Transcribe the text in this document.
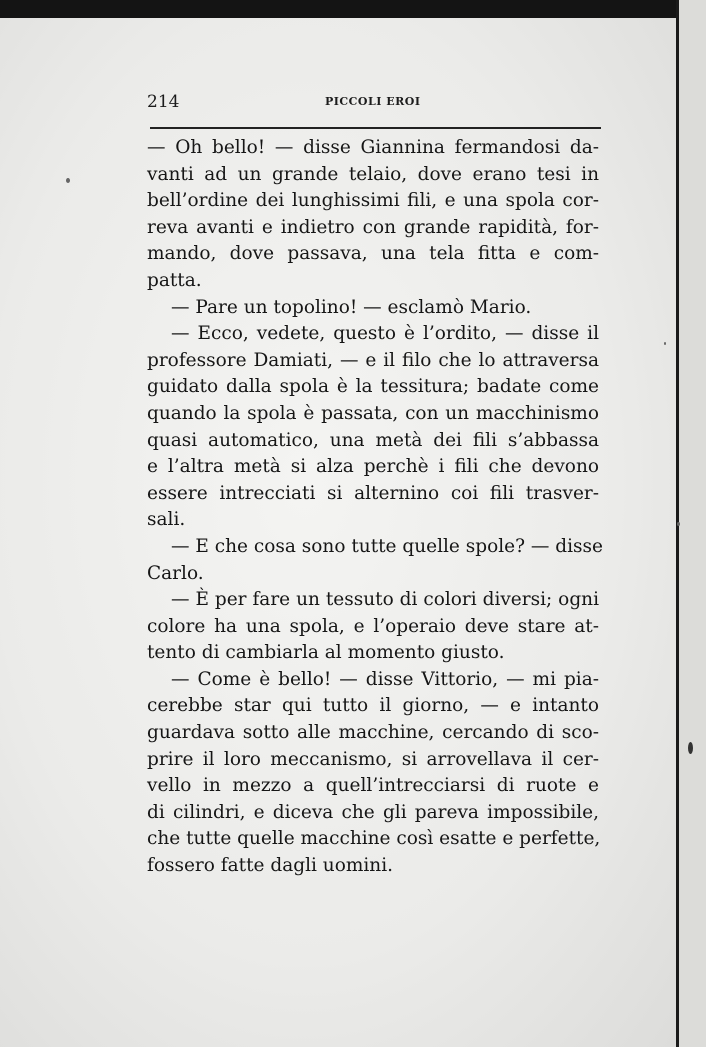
214	PICCOLI EROI
— Oh bello! — disse Giannina fermandosi da-
vanti ad un grande telaio, dove erano tesi in
bell’ordine dei lunghissimi fili, e una spola cor-
reva avanti e indietro con grande rapidità, for-
mando, dove passava, una tela fitta e com-
patta.
— Pare un topolino! — esclamò Mario.
— Ecco, vedete, questo è l’ordito, — disse il
professore Damiati, — e il filo che lo attraversa
guidato dalla spola è la tessitura; badate come
quando la spola è passata, con un macchinismo
quasi automatico, una metà dei fili s’abbassa
e l’altra metà si alza perchè i fili che devono
essere intrecciati si alternino coi fili trasver-
sali.
— E che cosa sono tutte quelle spole? — disse
Carlo.
— È per fare un tessuto di colori diversi; ogni
colore ha una spola, e l’operaio deve stare at-
tento di cambiarla al momento giusto.
— Come è bello! — disse Vittorio, — mi pia-
cerebbe star qui tutto il giorno, — e intanto
guardava sotto alle macchine, cercando di sco-
prire il loro meccanismo, si arrovellava il cer-
vello in mezzo a quell’intrecciarsi di ruote e
di cilindri, e diceva che gli pareva impossibile,
che tutte quelle macchine così esatte e perfette,
fossero fatte dagli uomini.
